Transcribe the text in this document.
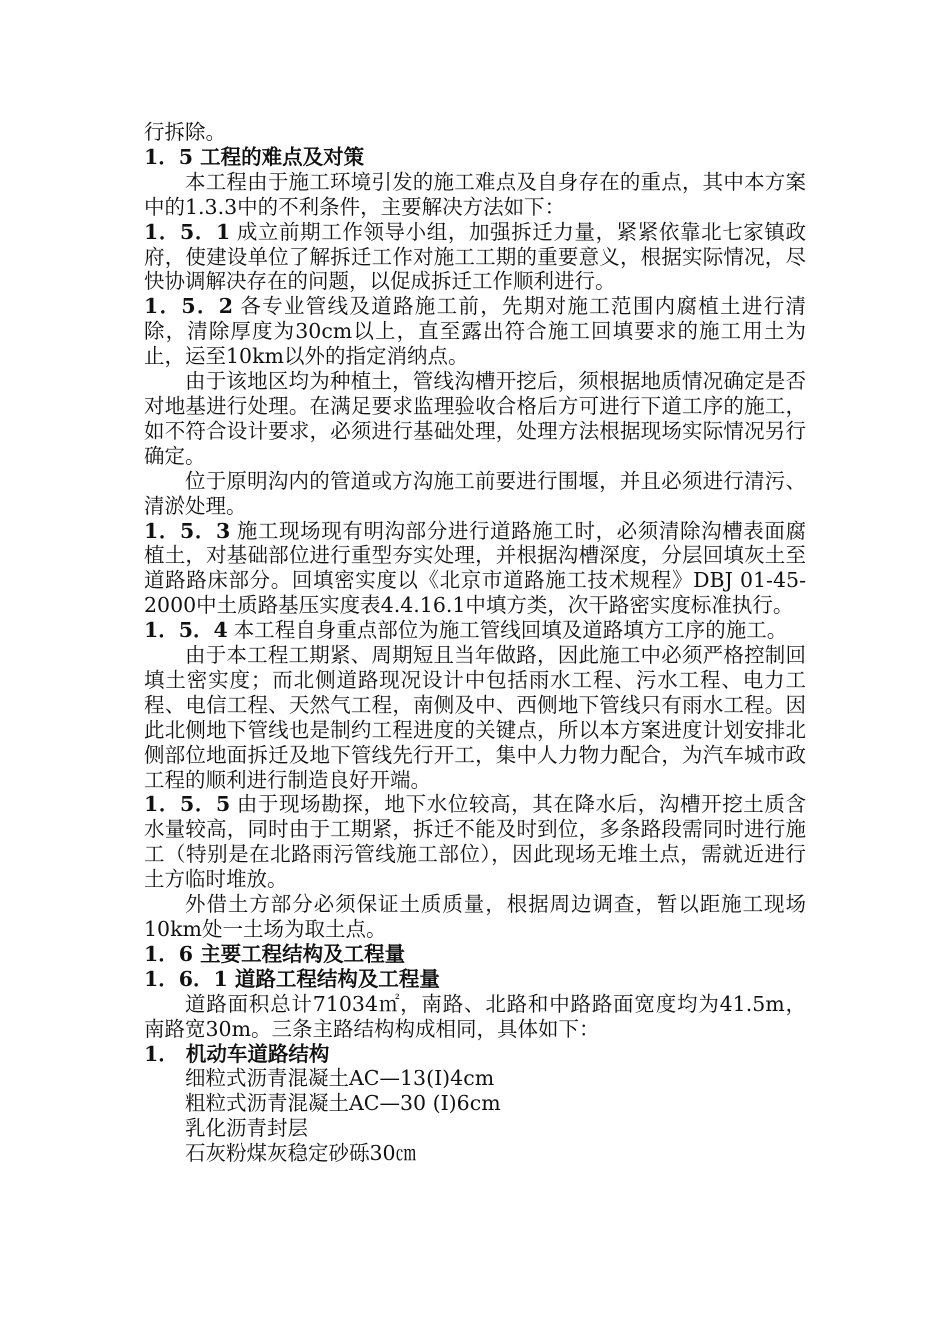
行拆除。

1．5 工程的难点及对策

本工程由于施工环境引发的施工难点及自身存在的重点，其中本方案中的1.3.3中的不利条件，主要解决方法如下：

1．5．1 成立前期工作领导小组，加强拆迁力量，紧紧依靠北七家镇政府，使建设单位了解拆迁工作对施工工期的重要意义，根据实际情况，尽快协调解决存在的问题，以促成拆迁工作顺利进行。

1．5．2 各专业管线及道路施工前，先期对施工范围内腐植土进行清除，清除厚度为30cm以上，直至露出符合施工回填要求的施工用土为止，运至10km以外的指定消纳点。

由于该地区均为种植土，管线沟槽开挖后，须根据地质情况确定是否对地基进行处理。在满足要求监理验收合格后方可进行下道工序的施工，如不符合设计要求，必须进行基础处理，处理方法根据现场实际情况另行确定。

位于原明沟内的管道或方沟施工前要进行围堰，并且必须进行清污、清淤处理。

1．5．3 施工现场现有明沟部分进行道路施工时，必须清除沟槽表面腐植土，对基础部位进行重型夯实处理，并根据沟槽深度，分层回填灰土至道路路床部分。回填密实度以《北京市道路施工技术规程》DBJ 01-45-2000中土质路基压实度表4.4.16.1中填方类，次干路密实度标准执行。

1．5．4 本工程自身重点部位为施工管线回填及道路填方工序的施工。

由于本工程工期紧、周期短且当年做路，因此施工中必须严格控制回填土密实度；而北侧道路现况设计中包括雨水工程、污水工程、电力工程、电信工程、天然气工程，南侧及中、西侧地下管线只有雨水工程。因此北侧地下管线也是制约工程进度的关键点，所以本方案进度计划安排北侧部位地面拆迁及地下管线先行开工，集中人力物力配合，为汽车城市政工程的顺利进行制造良好开端。

1．5．5 由于现场勘探，地下水位较高，其在降水后，沟槽开挖土质含水量较高，同时由于工期紧，拆迁不能及时到位，多条路段需同时进行施工（特别是在北路雨污管线施工部位），因此现场无堆土点，需就近进行土方临时堆放。

外借土方部分必须保证土质质量，根据周边调查，暂以距施工现场10km处一土场为取土点。

1．6 主要工程结构及工程量

1．6．1 道路工程结构及工程量

道路面积总计71034㎡，南路、北路和中路路面宽度均为41.5m，南路宽30m。三条主路结构构成相同，具体如下：

1． 机动车道路结构

细粒式沥青混凝土AC—13(Ⅰ)4cm

粗粒式沥青混凝土AC—30 (Ⅰ)6cm

乳化沥青封层

石灰粉煤灰稳定砂砾30㎝
